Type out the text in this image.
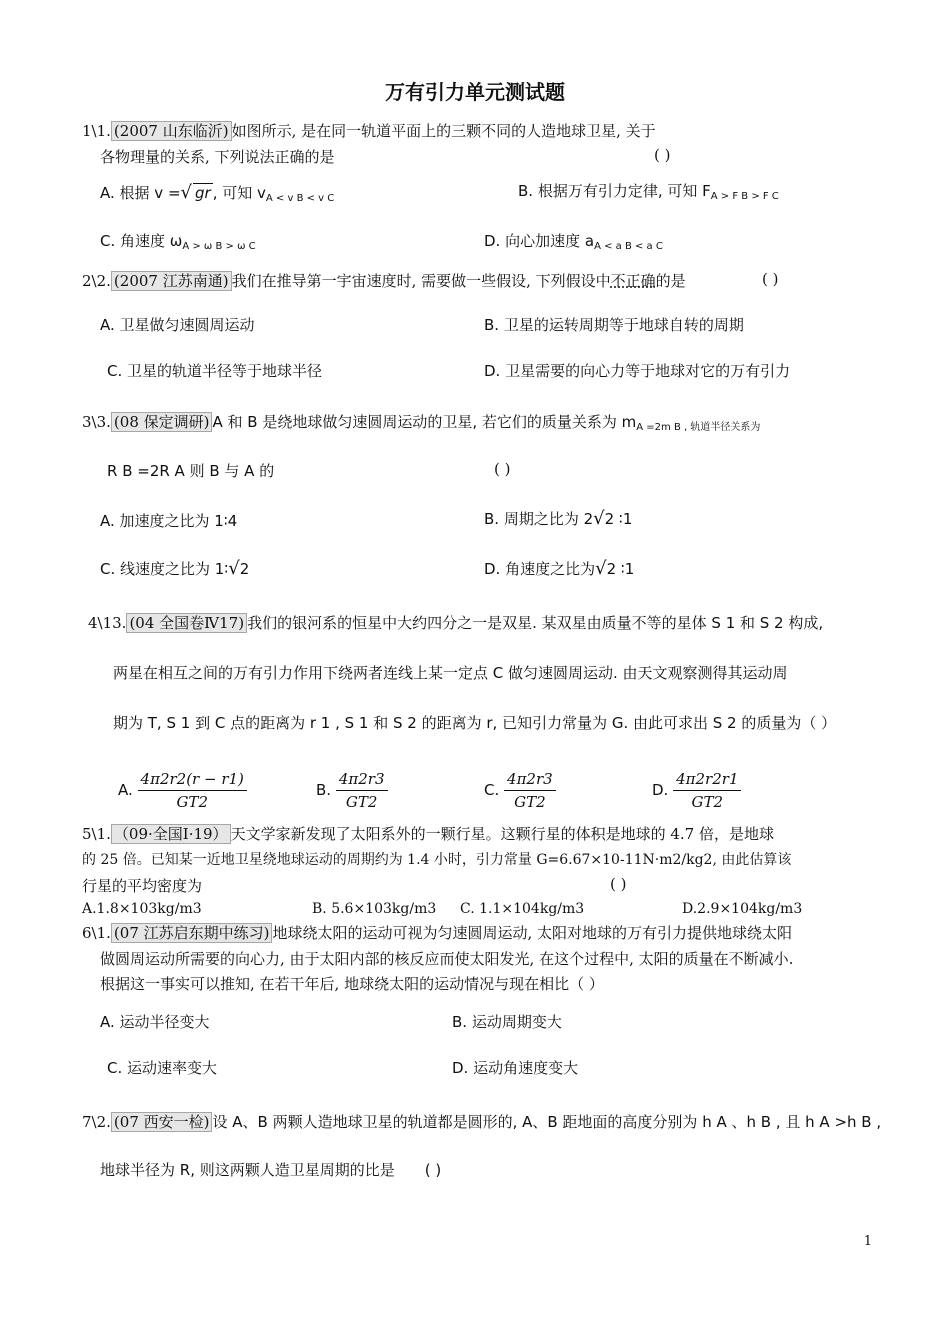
万有引力单元测试题
1\1. (2007 山东临沂) 如图所示, 是在同一轨道平面上的三颗不同的人造地球卫星, 关于
各物理量的关系, 下列说法正确的是	( )
A. 根据 v =√ gr , 可知 $v_{A < v B < v C}$	B. 根据万有引力定律, 可知 $F_{A > F B > F C}$
C. 角速度 $\omega_{A > \omega B > \omega C}$	D. 向心加速度 $a_{A < a B < a C}$
2\2. (2007 江苏南通) 我们在推导第一宇宙速度时, 需要做一些假设, 下列假设中不正确的是	( )
A. 卫星做匀速圆周运动	B. 卫星的运转周期等于地球自转的周期
C. 卫星的轨道半径等于地球半径	D. 卫星需要的向心力等于地球对它的万有引力
3\3. (08 保定调研) A 和 B 是绕地球做匀速圆周运动的卫星, 若它们的质量关系为 $m_{A =2m B , 轨道半径关系为}$
R B =2R A 则 B 与 A 的	( )
A. 加速度之比为 1∶4	B. 周期之比为 2√2 ∶1
C. 线速度之比为 1∶√2	D. 角速度之比为√2 ∶1
4\13. (04 全国卷Ⅳ17) 我们的银河系的恒星中大约四分之一是双星. 某双星由质量不等的星体 S 1 和 S 2 构成,
两星在相互之间的万有引力作用下绕两者连线上某一定点 C 做匀速圆周运动. 由天文观察测得其运动周
期为 T, S 1 到 C 点的距离为 r 1 , S 1 和 S 2 的距离为 r, 已知引力常量为 G. 由此可求出 S 2 的质量为（ ）
A. $\frac{4\pi 2r2(r - r1)}{GT2}$	B. $\frac{4\pi 2r3}{GT2}$	C. $\frac{4\pi 2r3}{GT2}$	D. $\frac{4\pi 2r2r1}{GT2}$
5\1. （09·全国Ⅰ·19） 天文学家新发现了太阳系外的一颗行星。这颗行星的体积是地球的 4.7 倍，是地球
的 25 倍。已知某一近地卫星绕地球运动的周期约为 1.4 小时，引力常量 G=6.67×10-11N·m2/kg2, 由此估算该
行星的平均密度为	( )
A.1.8×103kg/m3	B. 5.6×103kg/m3 C. 1.1×104kg/m3	D.2.9×104kg/m3
6\1. (07 江苏启东期中练习) 地球绕太阳的运动可视为匀速圆周运动, 太阳对地球的万有引力提供地球绕太阳
做圆周运动所需要的向心力, 由于太阳内部的核反应而使太阳发光, 在这个过程中, 太阳的质量在不断减小.
根据这一事实可以推知, 在若干年后, 地球绕太阳的运动情况与现在相比（ ）
A. 运动半径变大	B. 运动周期变大
C. 运动速率变大	D. 运动角速度变大
7\2. (07 西安一检) 设 A、B 两颗人造地球卫星的轨道都是圆形的, A、B 距地面的高度分别为 h A 、h B , 且 h A >h B ,
地球半径为 R, 则这两颗人造卫星周期的比是 ( )
1
